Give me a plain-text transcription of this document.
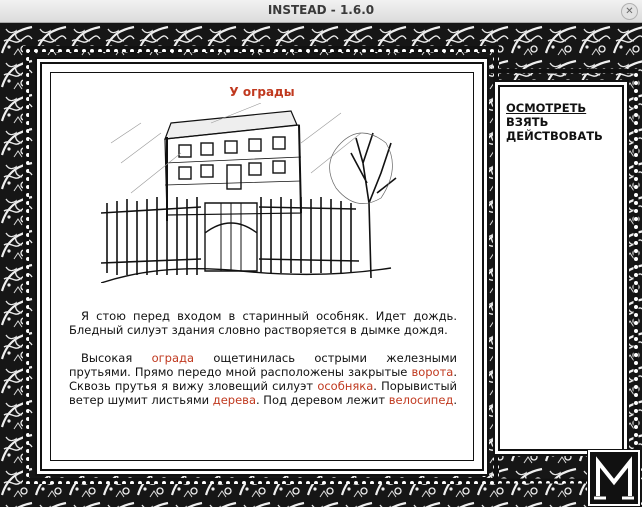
INSTEAD - 1.6.0	✕
У ограды
Я стою перед входом в старинный особняк. Идет дождь. Бледный силуэт здания словно растворяется в дымке дождя.
Высокая ограда ощетинилась острыми железными прутьями. Прямо передо мной расположены закрытые ворота. Сквозь прутья я вижу зловещий силуэт особняка. Порывистый ветер шумит листьями дерева. Под деревом лежит велосипед.
ОСМОТРЕТЬ
ВЗЯТЬ
ДЕЙСТВОВАТЬ
